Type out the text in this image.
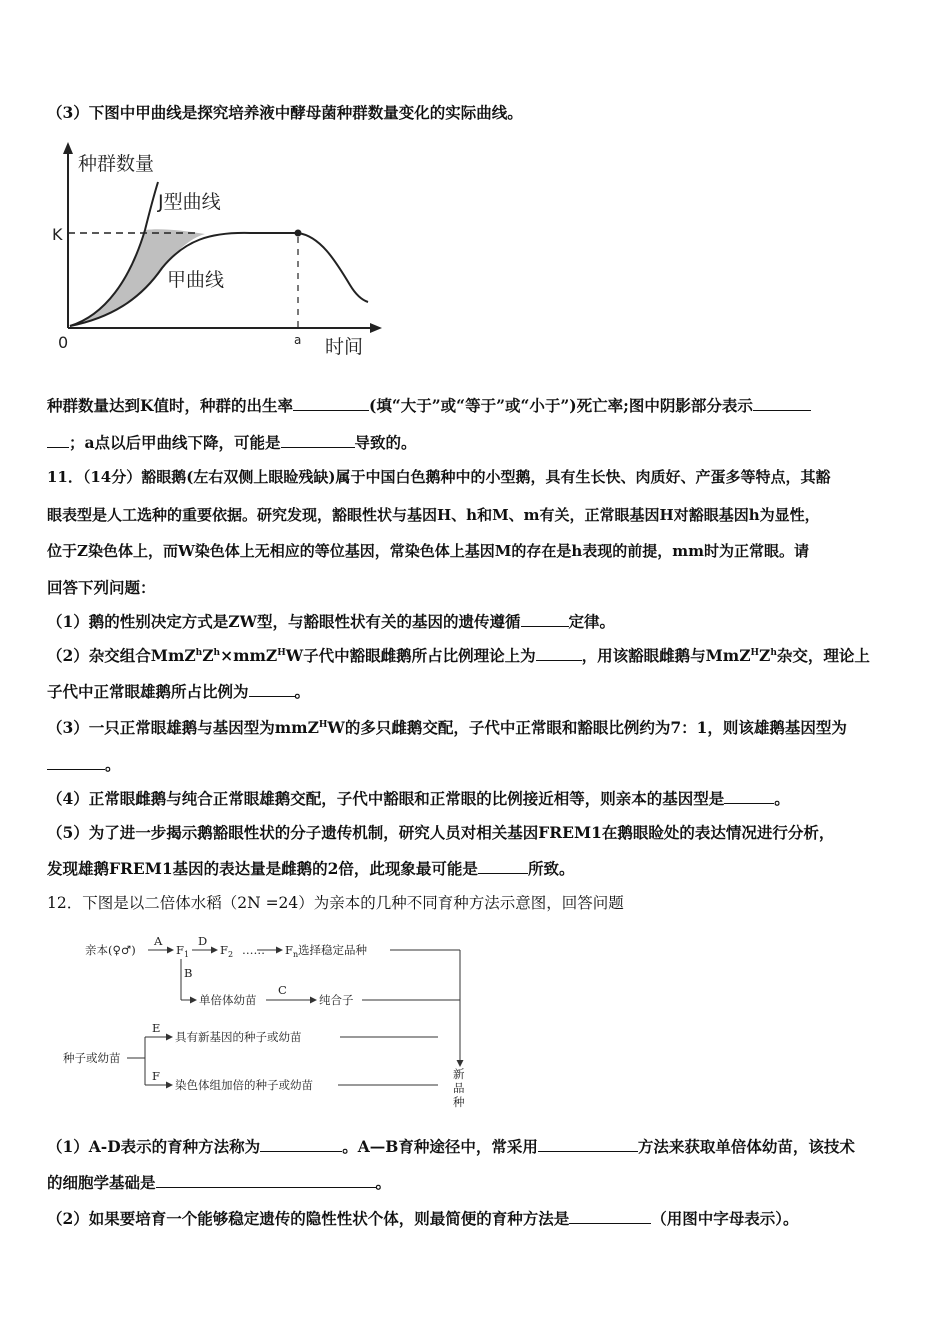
（3）下图中甲曲线是探究培养液中酵母菌种群数量变化的实际曲线。
种群数量
K
0
J型曲线
甲曲线
a 时间
种群数量达到K值时，种群的出生率	(填“大于”或“等于”或“小于”)死亡率;图中阴影部分表示
；a点以后甲曲线下降，可能是	导致的。
11．（14分）豁眼鹅(左右双侧上眼睑残缺)属于中国白色鹅种中的小型鹅，具有生长快、肉质好、产蛋多等特点，其豁
眼表型是人工选种的重要依据。研究发现，豁眼性状与基因H、h和M、m有关，正常眼基因H对豁眼基因h为显性，
位于Z染色体上，而W染色体上无相应的等位基因，常染色体上基因M的存在是h表现的前提，mm时为正常眼。请
回答下列问题：
（1）鹅的性别决定方式是ZW型，与豁眼性状有关的基因的遗传遵循	定律。
（2）杂交组合$MmZ^hZ^h\times mmZ^HW$子代中豁眼雌鹅所占比例理论上为	，用该豁眼雌鹅与$MmZ^HZ^h$杂交，理论上
子代中正常眼雄鹅所占比例为	。
（3）一只正常眼雄鹅与基因型为mmZ$^H$W的多只雌鹅交配，子代中正常眼和豁眼比例约为7：1，则该雄鹅基因型为
。
（4）正常眼雌鹅与纯合正常眼雄鹅交配，子代中豁眼和正常眼的比例接近相等，则亲本的基因型是	。
（5）为了进一步揭示鹅豁眼性状的分子遗传机制，研究人员对相关基因FREM1在鹅眼睑处的表达情况进行分析，
发现雄鹅FREM1基因的表达量是雌鹅的2倍，此现象最可能是	所致。
12．下图是以二倍体水稻（2N =24）为亲本的几种不同育种方法示意图，回答问题
亲本(♀♂)
A
$F_1$
D
$F_2$ …… $F_n$ 选择稳定品种
B
单倍体幼苗
C
纯合子
种子或幼苗
E
具有新基因的种子或幼苗
F
染色体组加倍的种子或幼苗
新
品
种
（1）A-D表示的育种方法称为	。A—B育种途径中，常采用	方法来获取单倍体幼苗，该技术
的细胞学基础是	。
（2）如果要培育一个能够稳定遗传的隐性性状个体，则最简便的育种方法是	（用图中字母表示）。
